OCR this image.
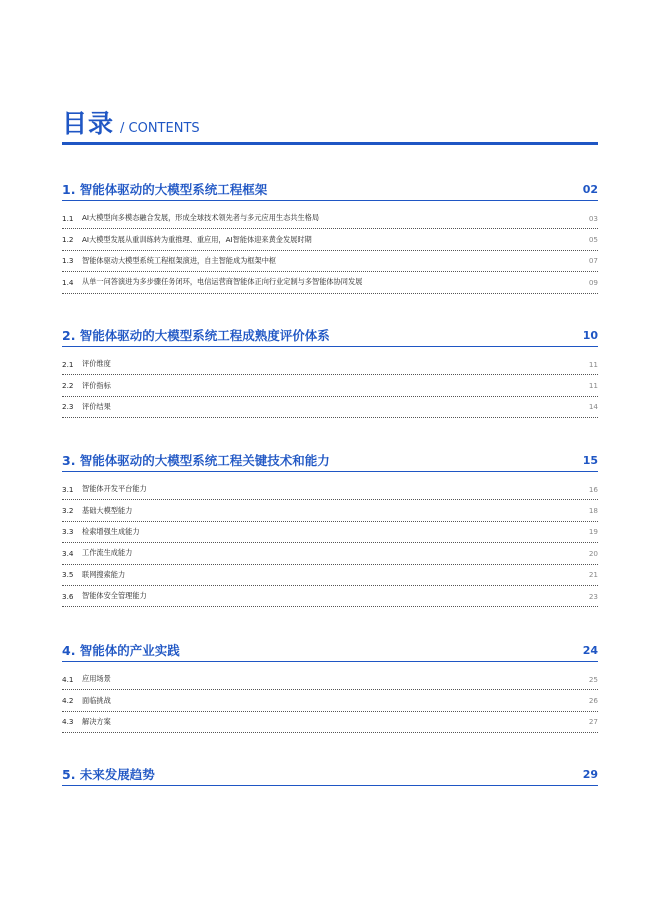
目录 / CONTENTS
1. 智能体驱动的大模型系统工程框架	02
1.1	AI大模型向多模态融合发展，形成全球技术领先者与多元应用生态共生格局	03
1.2	AI大模型发展从重训练转为重推理、重应用，AI智能体迎来黄金发展时期	05
1.3	智能体驱动大模型系统工程框架演进，自主智能成为框架中枢	07
1.4	从单一问答演进为多步骤任务闭环，电信运营商智能体正向行业定制与多智能体协同发展	09
2. 智能体驱动的大模型系统工程成熟度评价体系	10
2.1	评价维度	11
2.2	评价指标	11
2.3	评价结果	14
3. 智能体驱动的大模型系统工程关键技术和能力	15
3.1	智能体开发平台能力	16
3.2	基础大模型能力	18
3.3	检索增强生成能力	19
3.4	工作流生成能力	20
3.5	联网搜索能力	21
3.6	智能体安全管理能力	23
4. 智能体的产业实践	24
4.1	应用场景	25
4.2	面临挑战	26
4.3	解决方案	27
5. 未来发展趋势	29
